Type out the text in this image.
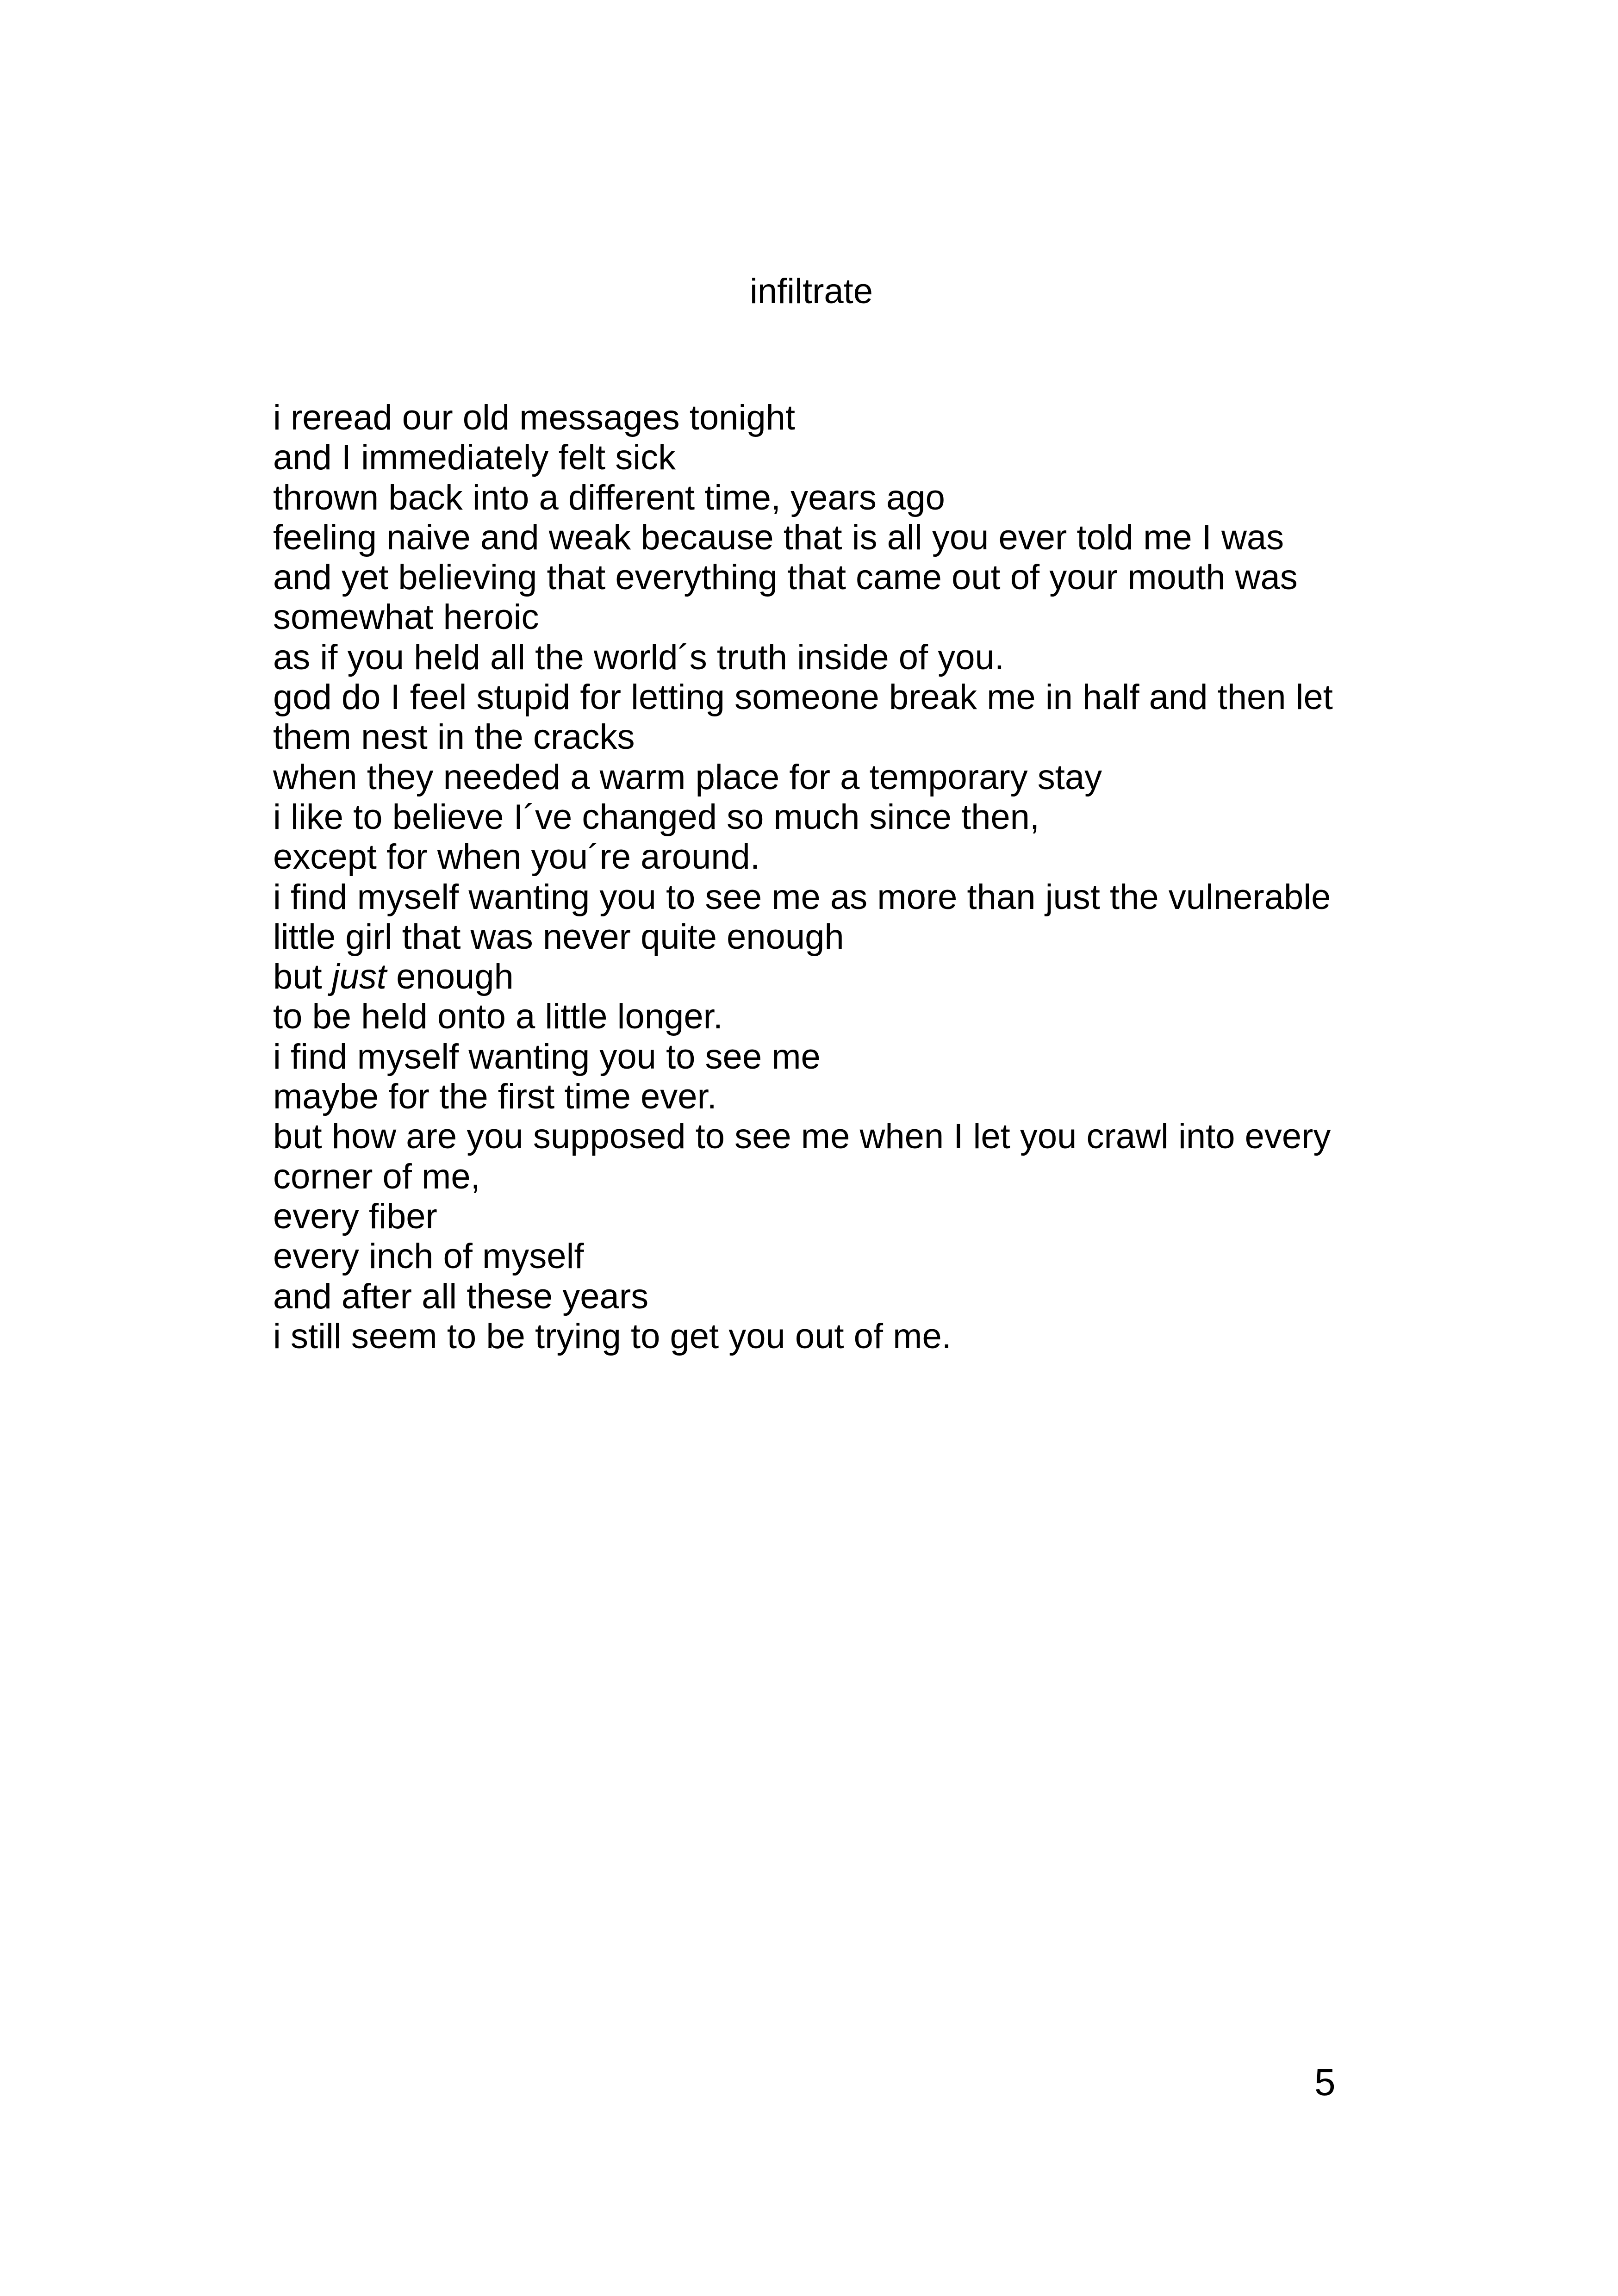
infiltrate
i reread our old messages tonight
and I immediately felt sick
thrown back into a different time, years ago
feeling naive and weak because that is all you ever told me I was
and yet believing that everything that came out of your mouth was
somewhat heroic
as if you held all the world´s truth inside of you.
god do I feel stupid for letting someone break me in half and then let
them nest in the cracks
when they needed a warm place for a temporary stay
i like to believe I´ve changed so much since then,
except for when you´re around.
i find myself wanting you to see me as more than just the vulnerable
little girl that was never quite enough
but just enough
to be held onto a little longer.
i find myself wanting you to see me
maybe for the first time ever.
but how are you supposed to see me when I let you crawl into every
corner of me,
every fiber
every inch of myself
and after all these years
i still seem to be trying to get you out of me.
5
